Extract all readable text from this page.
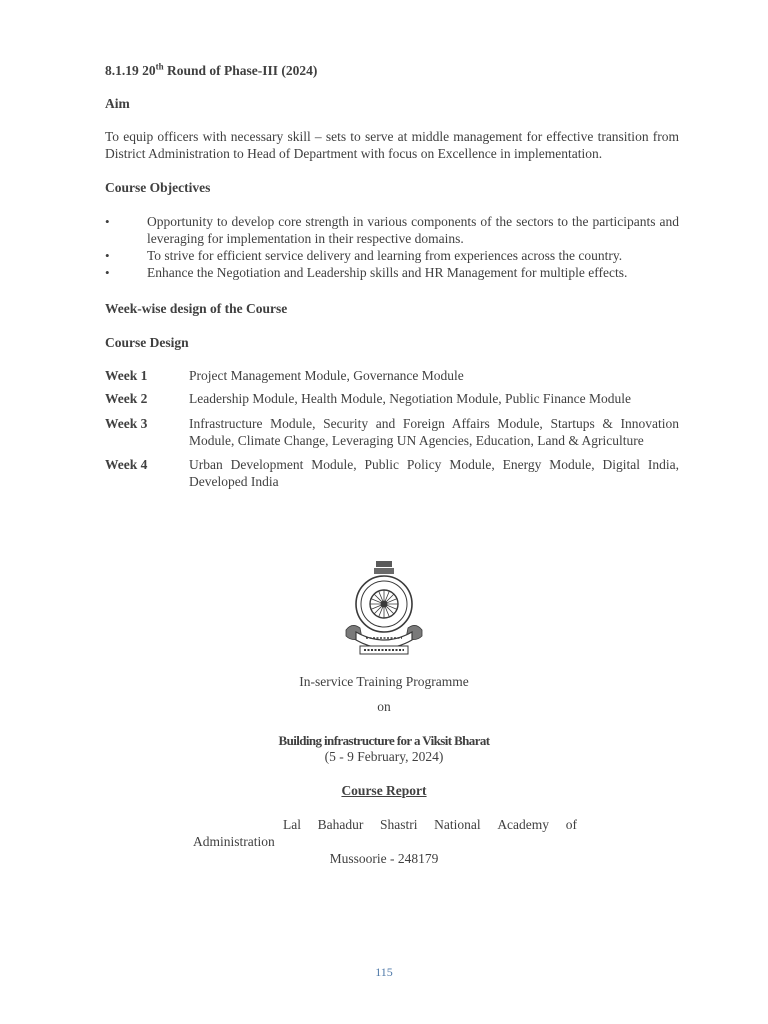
8.1.19 20th Round of Phase-III (2024)
Aim
To equip officers with necessary skill – sets to serve at middle management for effective transition from District Administration to Head of Department with focus on Excellence in implementation.
Course Objectives
•	Opportunity to develop core strength in various components of the sectors to the participants and leveraging for implementation in their respective domains.
•	To strive for efficient service delivery and learning from experiences across the country.
•	Enhance the Negotiation and Leadership skills and HR Management for multiple effects.
Week-wise design of the Course
Course Design
Week 1	Project Management Module, Governance Module
Week 2	Leadership Module, Health Module, Negotiation Module, Public Finance Module
Week 3	Infrastructure Module, Security and Foreign Affairs Module, Startups & Innovation Module, Climate Change, Leveraging UN Agencies, Education, Land & Agriculture
Week 4	Urban Development Module, Public Policy Module, Energy Module, Digital India, Developed India
In-service Training Programme
on
Building infrastructure for a Viksit Bharat
(5 - 9 February, 2024)
Course Report
Lal Bahadur Shastri National Academy of
Administration
Mussoorie - 248179
115
